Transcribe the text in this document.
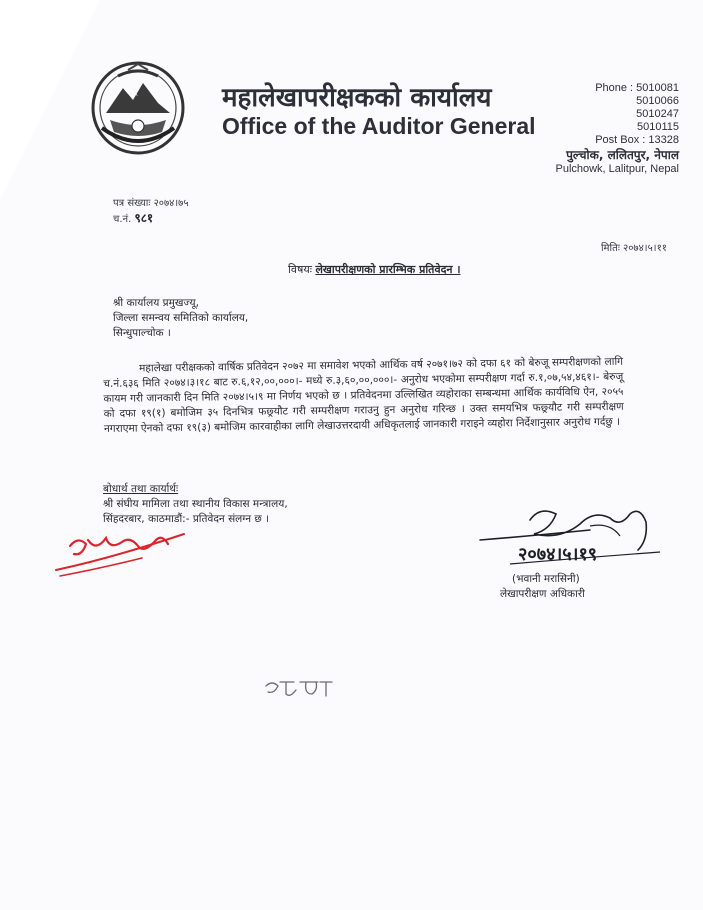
महालेखापरीक्षकको कार्यालय
Office of the Auditor General
Phone : 5010081
5010066
5010247
5010115
Post Box : 13328
पुल्चोक, ललितपुर, नेपाल
Pulchowk, Lalitpur, Nepal
पत्र संख्याः २०७४।७५
च.नं. ९८१
मितिः २०७४।५।११
विषयः लेखापरीक्षणको प्रारम्भिक प्रतिवेदन ।
श्री कार्यालय प्रमुखज्यू,
जिल्ला समन्वय समितिको कार्यालय,
सिन्धुपाल्चोक ।

महालेखा परीक्षकको वार्षिक प्रतिवेदन २०७२ मा समावेश भएको आर्थिक वर्ष २०७१।७२ को दफा ६१ को बेरुजू सम्परीक्षणको लागि च.नं.६३६ मिति २०७४।३।१८ बाट रु.६,१२,००,०००।- मध्ये रु.३,६०,००,०००।- अनुरोध भएकोमा सम्परीक्षण गर्दा रु.१,०७,५४,४६१।- बेरुजू कायम गरी जानकारी दिन मिति २०७४।५।९ मा निर्णय भएको छ । प्रतिवेदनमा उल्लिखित व्यहोराका सम्बन्धमा आर्थिक कार्यविधि ऐन, २०५५ को दफा १९(१) बमोजिम ३५ दिनभित्र फछ्र्यौट गरी सम्परीक्षण गराउनु हुन अनुरोध गरिन्छ । उक्त समयभित्र फछ्र्यौट गरी सम्परीक्षण नगराएमा ऐनको दफा १९(३) बमोजिम कारवाहीका लागि लेखाउत्तरदायी अधिकृतलाई जानकारी गराइने व्यहोरा निर्देशानुसार अनुरोध गर्दछु ।

बोधार्थ तथा कार्यार्थः
श्री संघीय मामिला तथा स्थानीय विकास मन्त्रालय,
सिंहदरबार, काठमाडौं:- प्रतिवेदन संलग्न छ ।
२०७४।५।१९
(भवानी मरासिनी)
लेखापरीक्षण अधिकारी
